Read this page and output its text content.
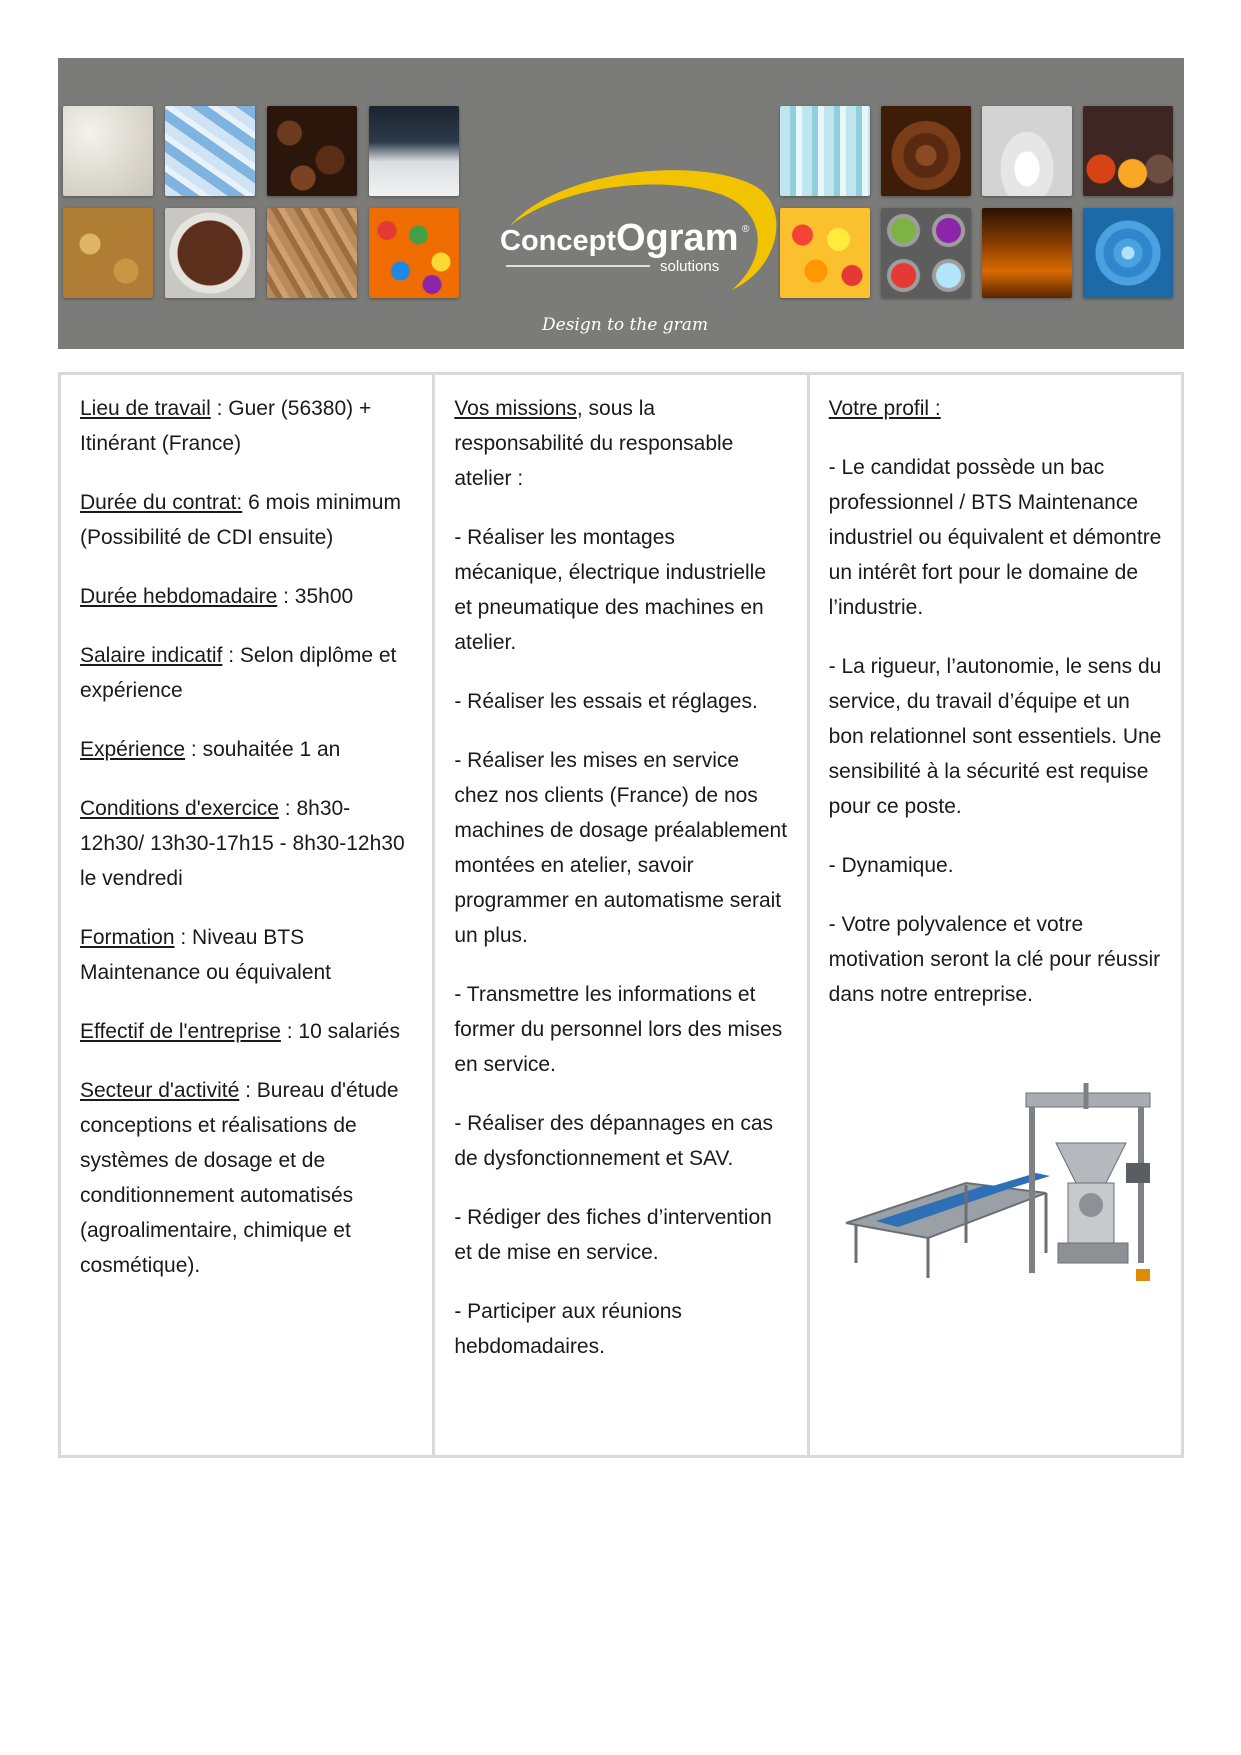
ConceptOgram ®
solutions
Design to the gram

Lieu de travail : Guer (56380) + Itinérant (France)

Durée du contrat: 6 mois minimum (Possibilité de CDI ensuite)

Durée hebdomadaire : 35h00

Salaire indicatif : Selon diplôme et expérience

Expérience : souhaitée 1 an

Conditions d'exercice : 8h30-12h30/ 13h30-17h15 - 8h30-12h30 le vendredi

Formation : Niveau BTS Maintenance ou équivalent

Effectif de l'entreprise : 10 salariés

Secteur d'activité : Bureau d'étude conceptions et réalisations de systèmes de dosage et de conditionnement automatisés (agroalimentaire, chimique et cosmétique).

Vos missions, sous la responsabilité du responsable atelier :

- Réaliser les montages mécanique, électrique industrielle et pneumatique des machines en atelier.

- Réaliser les essais et réglages.

- Réaliser les mises en service chez nos clients (France) de nos machines de dosage préalablement montées en atelier, savoir programmer en automatisme serait un plus.

- Transmettre les informations et former du personnel lors des mises en service.

- Réaliser des dépannages en cas de dysfonctionnement et SAV.

- Rédiger des fiches d’intervention et de mise en service.

- Participer aux réunions hebdomadaires.

Votre profil :

- Le candidat possède un bac professionnel / BTS Maintenance industriel ou équivalent et démontre un intérêt fort pour le domaine de l’industrie.

- La rigueur, l’autonomie, le sens du service, du travail d’équipe et un bon relationnel sont essentiels. Une sensibilité à la sécurité est requise pour ce poste.

- Dynamique.

- Votre polyvalence et votre motivation seront la clé pour réussir dans notre entreprise.
